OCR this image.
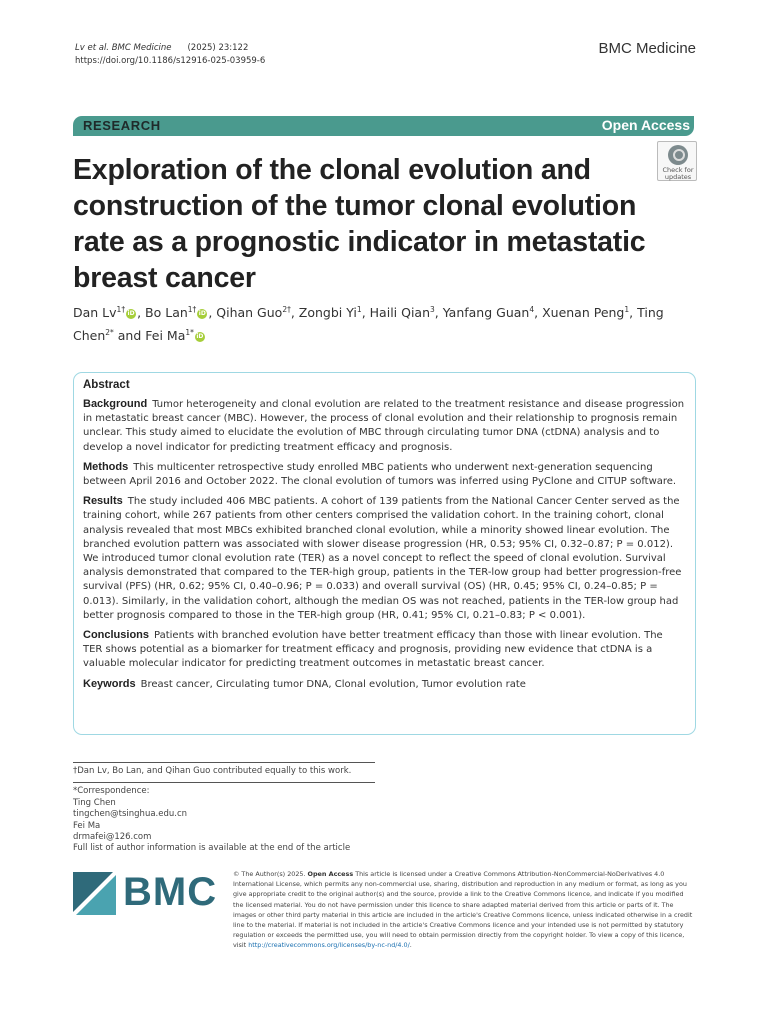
Lv et al. BMC Medicine (2025) 23:122
https://doi.org/10.1186/s12916-025-03959-6
BMC Medicine
RESEARCH	Open Access
Exploration of the clonal evolution and construction of the tumor clonal evolution rate as a prognostic indicator in metastatic breast cancer
Check for
updates
Dan $Lv^{1\dagger}$ iD , Bo Lan$^{1\dagger}$ iD , Qihan Guo$^{2\dagger}$, Zongbi Yi$^1$, Haili Qian$^3$, Yanfang Guan$^4$, Xuenan Peng$^1$, Ting Chen$^{2*}$ and Fei $Ma^{1*}$ iD
Abstract

Background Tumor heterogeneity and clonal evolution are related to the treatment resistance and disease progression in metastatic breast cancer (MBC). However, the process of clonal evolution and their relationship to prognosis remain unclear. This study aimed to elucidate the evolution of MBC through circulating tumor DNA (ctDNA) analysis and to develop a novel indicator for predicting treatment efficacy and prognosis.

Methods This multicenter retrospective study enrolled MBC patients who underwent next-generation sequencing between April 2016 and October 2022. The clonal evolution of tumors was inferred using PyClone and CITUP software.

Results The study included 406 MBC patients. A cohort of 139 patients from the National Cancer Center served as the training cohort, while 267 patients from other centers comprised the validation cohort. In the training cohort, clonal analysis revealed that most MBCs exhibited branched clonal evolution, while a minority showed linear evolution. The branched evolution pattern was associated with slower disease progression (HR, 0.53; 95% CI, 0.32–0.87; P = 0.012). We introduced tumor clonal evolution rate (TER) as a novel concept to reflect the speed of clonal evolution. Survival analysis demonstrated that compared to the TER-high group, patients in the TER-low group had better progression-free survival (PFS) (HR, 0.62; 95% CI, 0.40–0.96; P = 0.033) and overall survival (OS) (HR, 0.45; 95% CI, 0.24–0.85; P = 0.013). Similarly, in the validation cohort, although the median OS was not reached, patients in the TER-low group had better prognosis compared to those in the TER-high group (HR, 0.41; 95% CI, 0.21–0.83; P < 0.001).

Conclusions Patients with branched evolution have better treatment efficacy than those with linear evolution. The TER shows potential as a biomarker for treatment efficacy and prognosis, providing new evidence that ctDNA is a valuable molecular indicator for predicting treatment outcomes in metastatic breast cancer.

Keywords Breast cancer, Circulating tumor DNA, Clonal evolution, Tumor evolution rate

†Dan Lv, Bo Lan, and Qihan Guo contributed equally to this work.
*Correspondence:
Ting Chen
tingchen@tsinghua.edu.cn
Fei Ma
drmafei@126.com
Full list of author information is available at the end of the article
BMC © The Author(s) 2025. Open Access This article is licensed under a Creative Commons Attribution-NonCommercial-NoDerivatives 4.0 International License, which permits any non-commercial use, sharing, distribution and reproduction in any medium or format, as long as you give appropriate credit to the original author(s) and the source, provide a link to the Creative Commons licence, and indicate if you modified the licensed material. You do not have permission under this licence to share adapted material derived from this article or parts of it. The images or other third party material in this article are included in the article's Creative Commons licence, unless indicated otherwise in a credit line to the material. If material is not included in the article's Creative Commons licence and your intended use is not permitted by statutory regulation or exceeds the permitted use, you will need to obtain permission directly from the copyright holder. To view a copy of this licence, visit http://creativecommons.org/licenses/by-nc-nd/4.0/.
